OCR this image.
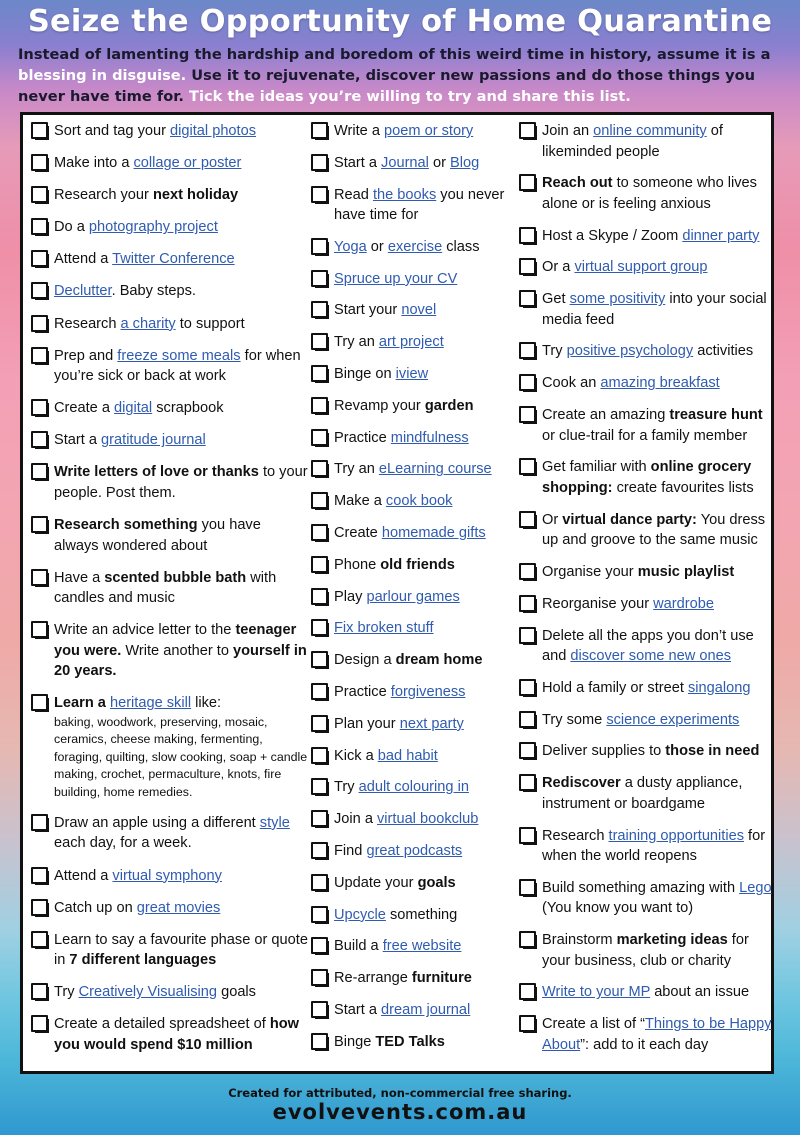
Seize the Opportunity of Home Quarantine
Instead of lamenting the hardship and boredom of this weird time in history, assume it is a blessing in disguise. Use it to rejuvenate, discover new passions and do those things you never have time for. Tick the ideas you’re willing to try and share this list.
Sort and tag your digital photos
Make into a collage or poster
Research your next holiday
Do a photography project
Attend a Twitter Conference
Declutter. Baby steps.
Research a charity to support
Prep and freeze some meals for when you’re sick or back at work
Create a digital scrapbook
Start a gratitude journal
Write letters of love or thanks to your people. Post them.
Research something you have always wondered about
Have a scented bubble bath with candles and music
Write an advice letter to the teenager you were. Write another to yourself in 20 years.
Learn a heritage skill like:
baking, woodwork, preserving, mosaic, ceramics, cheese making, fermenting, foraging, quilting, slow cooking, soap + candle making, crochet, permaculture, knots, fire building, home remedies.
Draw an apple using a different style each day, for a week.
Attend a virtual symphony
Catch up on great movies
Learn to say a favourite phase or quote in 7 different languages
Try Creatively Visualising goals
Create a detailed spreadsheet of how you would spend $10 million
Write a poem or story
Start a Journal or Blog
Read the books you never have time for
Yoga or exercise class
Spruce up your CV
Start your novel
Try an art project
Binge on iview
Revamp your garden
Practice mindfulness
Try an eLearning course
Make a cook book
Create homemade gifts
Phone old friends
Play parlour games
Fix broken stuff
Design a dream home
Practice forgiveness
Plan your next party
Kick a bad habit
Try adult colouring in
Join a virtual bookclub
Find great podcasts
Update your goals
Upcycle something
Build a free website
Re-arrange furniture
Start a dream journal
Binge TED Talks
Join an online community of likeminded people
Reach out to someone who lives alone or is feeling anxious
Host a Skype / Zoom dinner party
Or a virtual support group
Get some positivity into your social media feed
Try positive psychology activities
Cook an amazing breakfast
Create an amazing treasure hunt or clue-trail for a family member
Get familiar with online grocery shopping: create favourites lists
Or virtual dance party: You dress up and groove to the same music
Organise your music playlist
Reorganise your wardrobe
Delete all the apps you don’t use and discover some new ones
Hold a family or street singalong
Try some science experiments
Deliver supplies to those in need
Rediscover a dusty appliance, instrument or boardgame
Research training opportunities for when the world reopens
Build something amazing with Lego (You know you want to)
Brainstorm marketing ideas for your business, club or charity
Write to your MP about an issue
Create a list of “Things to be Happy About”: add to it each day
Created for attributed, non-commercial free sharing.
evolvevents.com.au
